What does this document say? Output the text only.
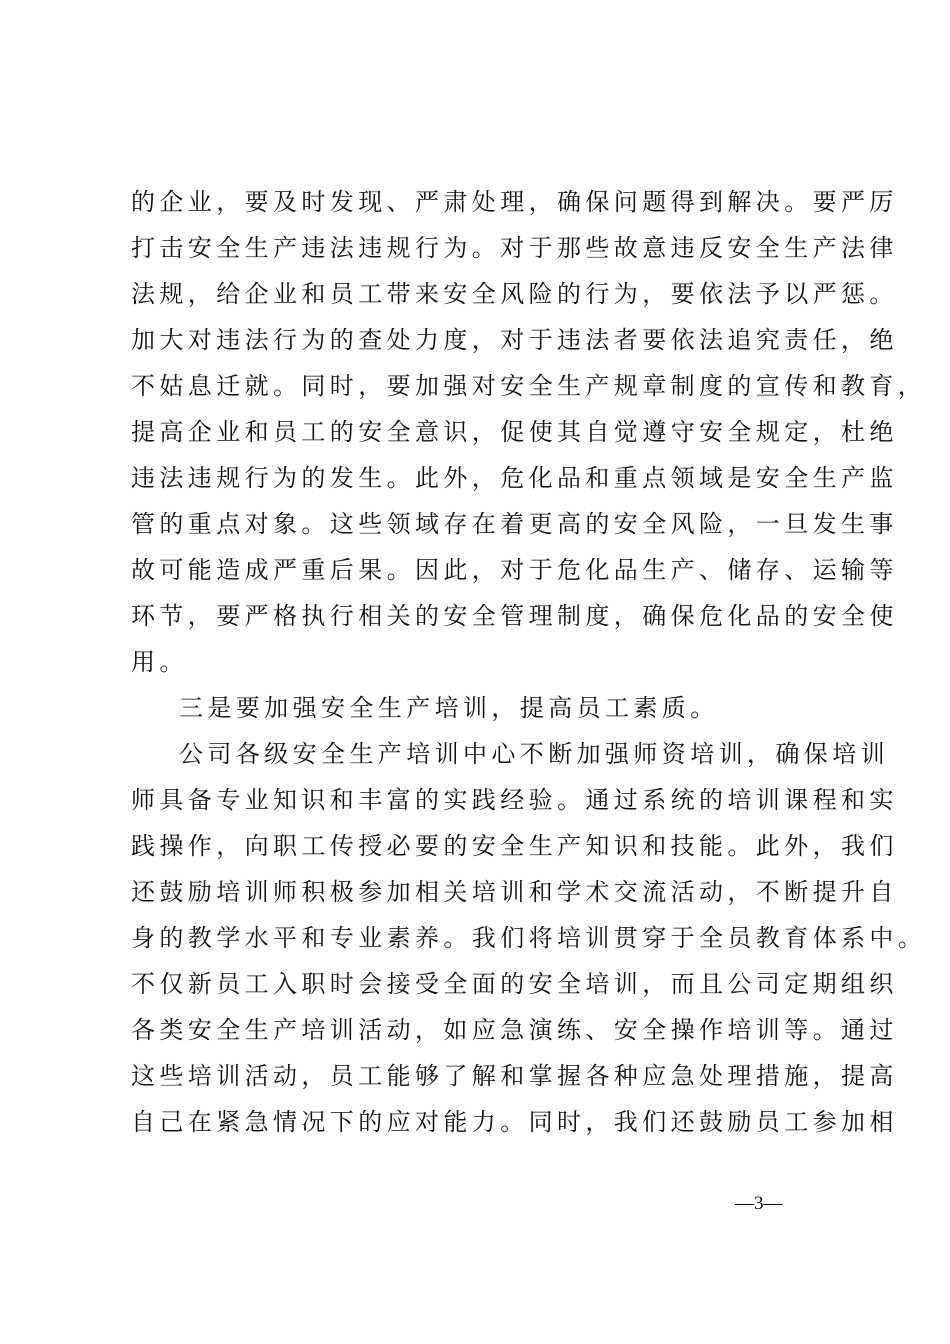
的企业，要及时发现、严肃处理，确保问题得到解决。要严厉
打击安全生产违法违规行为。对于那些故意违反安全生产法律
法规，给企业和员工带来安全风险的行为，要依法予以严惩。
加大对违法行为的查处力度，对于违法者要依法追究责任，绝
不姑息迁就。同时，要加强对安全生产规章制度的宣传和教育，
提高企业和员工的安全意识，促使其自觉遵守安全规定，杜绝
违法违规行为的发生。此外，危化品和重点领域是安全生产监
管的重点对象。这些领域存在着更高的安全风险，一旦发生事
故可能造成严重后果。因此，对于危化品生产、储存、运输等
环节，要严格执行相关的安全管理制度，确保危化品的安全使
用。
三是要加强安全生产培训，提高员工素质。
公司各级安全生产培训中心不断加强师资培训，确保培训
师具备专业知识和丰富的实践经验。通过系统的培训课程和实
践操作，向职工传授必要的安全生产知识和技能。此外，我们
还鼓励培训师积极参加相关培训和学术交流活动，不断提升自
身的教学水平和专业素养。我们将培训贯穿于全员教育体系中。
不仅新员工入职时会接受全面的安全培训，而且公司定期组织
各类安全生产培训活动，如应急演练、安全操作培训等。通过
这些培训活动，员工能够了解和掌握各种应急处理措施，提高
自己在紧急情况下的应对能力。同时，我们还鼓励员工参加相
—3—
